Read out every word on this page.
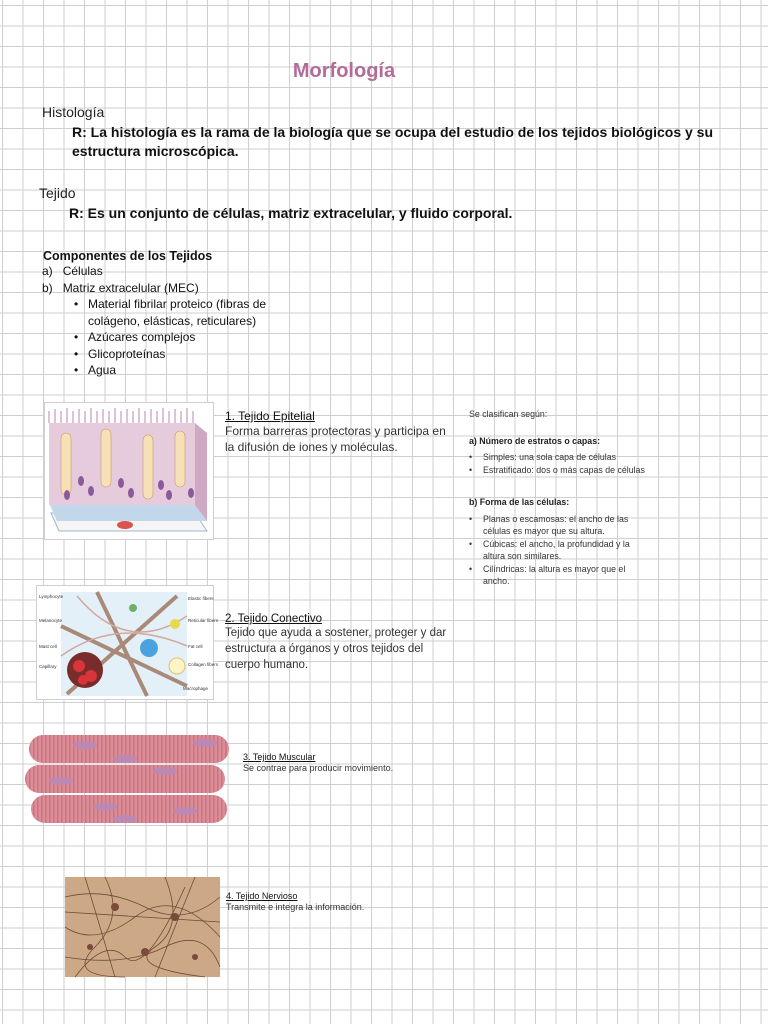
Morfología
Histología
R: La histología es la rama de la biología que se ocupa del estudio de los tejidos biológicos y su estructura microscópica.
Tejido
R: Es un conjunto de células, matriz extracelular, y fluido corporal.
Componentes de los Tejidos
a) Células
b) Matriz extracelular (MEC)
• Material fibrilar proteico (fibras de colágeno, elásticas, reticulares)
• Azúcares complejos
• Glicoproteínas
• Agua
1. Tejido Epitelial
Forma barreras protectoras y participa en la difusión de iones y moléculas.
Se clasifican según:
a) Número de estratos o capas:
• Simples: una sola capa de células
• Estratificado: dos o más capas de células
b) Forma de las células:
• Planas o escamosas: el ancho de las células es mayor que su altura.
• Cúbicas: el ancho, la profundidad y la altura son similares.
• Cilíndricas: la altura es mayor que el ancho.
Lymphocyte
Melanocyte
Mast cell
Capillary
Elastic fibers
Reticular fibers
Fat cell
Collagen fibers
Macrophage
2. Tejido Conectivo
Tejido que ayuda a sostener, proteger y dar estructura a órganos y otros tejidos del cuerpo humano.
3. Tejido Muscular
Se contrae para producir movimiento.
4. Tejido Nervioso
Transmite e integra la información.
